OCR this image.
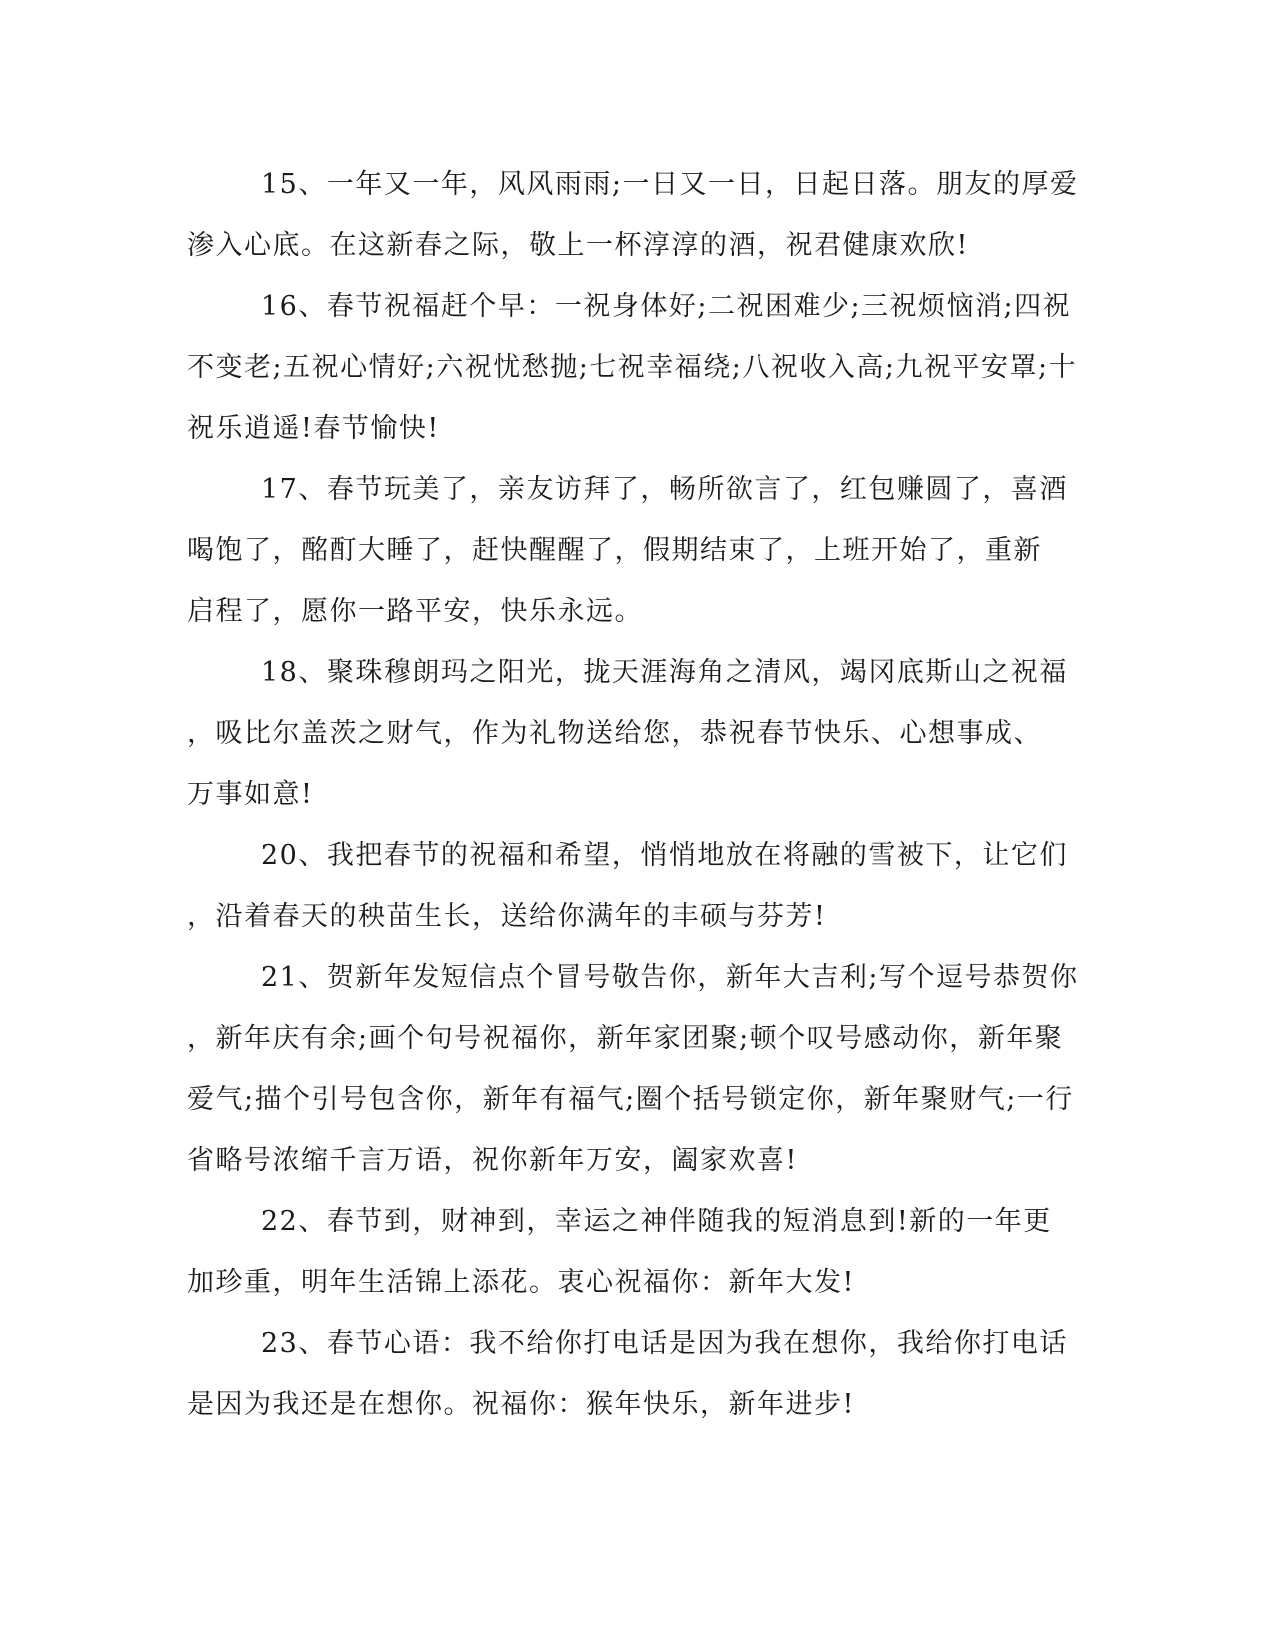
15、一年又一年，风风雨雨;一日又一日，日起日落。朋友的厚爱
渗入心底。在这新春之际，敬上一杯淳淳的酒，祝君健康欢欣!

16、春节祝福赶个早：一祝身体好;二祝困难少;三祝烦恼消;四祝
不变老;五祝心情好;六祝忧愁抛;七祝幸福绕;八祝收入高;九祝平安罩;十
祝乐逍遥!春节愉快!

17、春节玩美了，亲友访拜了，畅所欲言了，红包赚圆了，喜酒
喝饱了，酩酊大睡了，赶快醒醒了，假期结束了，上班开始了，重新
启程了，愿你一路平安，快乐永远。

18、聚珠穆朗玛之阳光，拢天涯海角之清风，竭冈底斯山之祝福
，吸比尔盖茨之财气，作为礼物送给您，恭祝春节快乐、心想事成、
万事如意!

20、我把春节的祝福和希望，悄悄地放在将融的雪被下，让它们
，沿着春天的秧苗生长，送给你满年的丰硕与芬芳!

21、贺新年发短信点个冒号敬告你，新年大吉利;写个逗号恭贺你
，新年庆有余;画个句号祝福你，新年家团聚;顿个叹号感动你，新年聚
爱气;描个引号包含你，新年有福气;圈个括号锁定你，新年聚财气;一行
省略号浓缩千言万语，祝你新年万安，阖家欢喜!

22、春节到，财神到，幸运之神伴随我的短消息到!新的一年更
加珍重，明年生活锦上添花。衷心祝福你：新年大发!

23、春节心语：我不给你打电话是因为我在想你，我给你打电话
是因为我还是在想你。祝福你：猴年快乐，新年进步!
